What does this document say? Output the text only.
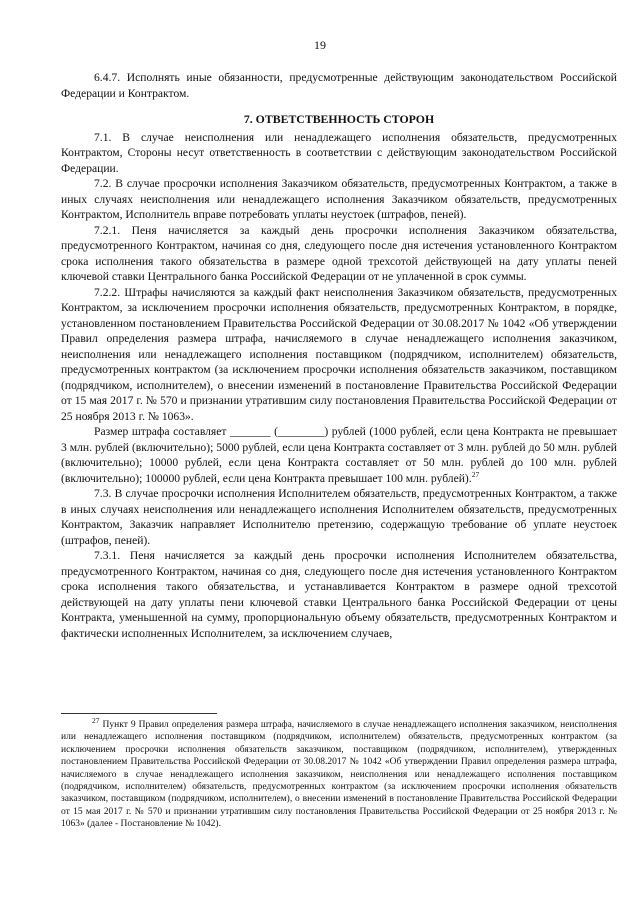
19

6.4.7. Исполнять иные обязанности, предусмотренные действующим законодательством Российской Федерации и Контрактом.

7. ОТВЕТСТВЕННОСТЬ СТОРОН

7.1. В случае неисполнения или ненадлежащего исполнения обязательств, предусмотренных Контрактом, Стороны несут ответственность в соответствии с действующим законодательством Российской Федерации.

7.2. В случае просрочки исполнения Заказчиком обязательств, предусмотренных Контрактом, а также в иных случаях неисполнения или ненадлежащего исполнения Заказчиком обязательств, предусмотренных Контрактом, Исполнитель вправе потребовать уплаты неустоек (штрафов, пеней).

7.2.1. Пеня начисляется за каждый день просрочки исполнения Заказчиком обязательства, предусмотренного Контрактом, начиная со дня, следующего после дня истечения установленного Контрактом срока исполнения такого обязательства в размере одной трехсотой действующей на дату уплаты пеней ключевой ставки Центрального банка Российской Федерации от не уплаченной в срок суммы.

7.2.2. Штрафы начисляются за каждый факт неисполнения Заказчиком обязательств, предусмотренных Контрактом, за исключением просрочки исполнения обязательств, предусмотренных Контрактом, в порядке, установленном постановлением Правительства Российской Федерации от 30.08.2017 № 1042 «Об утверждении Правил определения размера штрафа, начисляемого в случае ненадлежащего исполнения заказчиком, неисполнения или ненадлежащего исполнения поставщиком (подрядчиком, исполнителем) обязательств, предусмотренных контрактом (за исключением просрочки исполнения обязательств заказчиком, поставщиком (подрядчиком, исполнителем), о внесении изменений в постановление Правительства Российской Федерации от 15 мая 2017 г. № 570 и признании утратившим силу постановления Правительства Российской Федерации от 25 ноября 2013 г. № 1063».

Размер штрафа составляет _______ (________) рублей (1000 рублей, если цена Контракта не превышает 3 млн. рублей (включительно); 5000 рублей, если цена Контракта составляет от 3 млн. рублей до 50 млн. рублей (включительно); 10000 рублей, если цена Контракта составляет от 50 млн. рублей до 100 млн. рублей (включительно); 100000 рублей, если цена Контракта превышает 100 млн. рублей).$^{27}$

7.3. В случае просрочки исполнения Исполнителем обязательств, предусмотренных Контрактом, а также в иных случаях неисполнения или ненадлежащего исполнения Исполнителем обязательств, предусмотренных Контрактом, Заказчик направляет Исполнителю претензию, содержащую требование об уплате неустоек (штрафов, пеней).

7.3.1. Пеня начисляется за каждый день просрочки исполнения Исполнителем обязательства, предусмотренного Контрактом, начиная со дня, следующего после дня истечения установленного Контрактом срока исполнения такого обязательства, и устанавливается Контрактом в размере одной трехсотой действующей на дату уплаты пени ключевой ставки Центрального банка Российской Федерации от цены Контракта, уменьшенной на сумму, пропорциональную объему обязательств, предусмотренных Контрактом и фактически исполненных Исполнителем, за исключением случаев,

$^{27}$ Пункт 9 Правил определения размера штрафа, начисляемого в случае ненадлежащего исполнения заказчиком, неисполнения или ненадлежащего исполнения поставщиком (подрядчиком, исполнителем) обязательств, предусмотренных контрактом (за исключением просрочки исполнения обязательств заказчиком, поставщиком (подрядчиком, исполнителем), утвержденных постановлением Правительства Российской Федерации от 30.08.2017 № 1042 «Об утверждении Правил определения размера штрафа, начисляемого в случае ненадлежащего исполнения заказчиком, неисполнения или ненадлежащего исполнения поставщиком (подрядчиком, исполнителем) обязательств, предусмотренных контрактом (за исключением просрочки исполнения обязательств заказчиком, поставщиком (подрядчиком, исполнителем), о внесении изменений в постановление Правительства Российской Федерации от 15 мая 2017 г. № 570 и признании утратившим силу постановления Правительства Российской Федерации от 25 ноября 2013 г. № 1063» (далее - Постановление № 1042).
